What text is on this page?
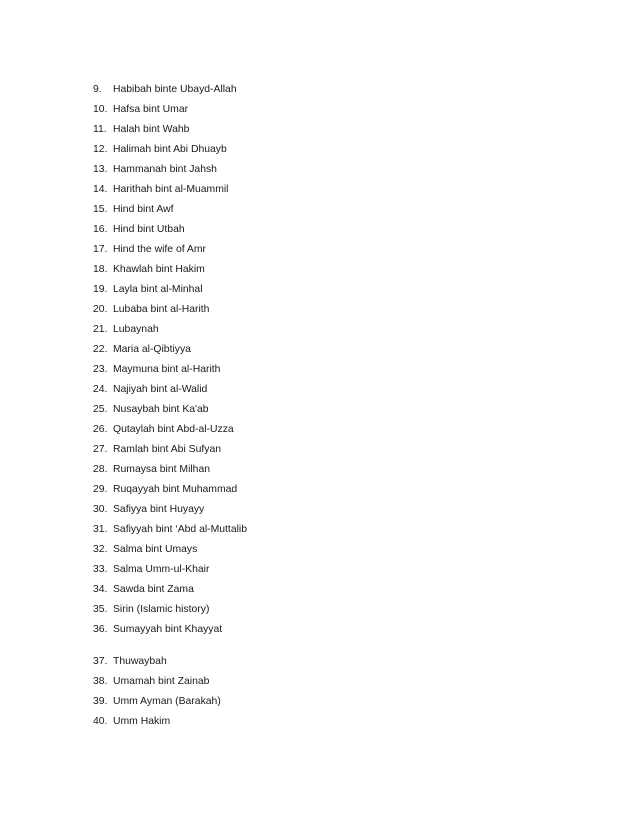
9.	Habibah binte Ubayd-Allah
10. Hafsa bint Umar
11. Halah bint Wahb
12. Halimah bint Abi Dhuayb
13. Hammanah bint Jahsh
14. Harithah bint al-Muammil
15. Hind bint Awf
16. Hind bint Utbah
17. Hind the wife of Amr
18. Khawlah bint Hakim
19. Layla bint al-Minhal
20. Lubaba bint al-Harith
21. Lubaynah
22. Maria al-Qibtiyya
23. Maymuna bint al-Harith
24. Najiyah bint al-Walid
25. Nusaybah bint Ka'ab
26. Qutaylah bint Abd-al-Uzza
27. Ramlah bint Abi Sufyan
28. Rumaysa bint Milhan
29. Ruqayyah bint Muhammad
30. Safiyya bint Huyayy
31. Safiyyah bint ‘Abd al-Muttalib
32. Salma bint Umays
33. Salma Umm-ul-Khair
34. Sawda bint Zama
35. Sirin (Islamic history)
36. Sumayyah bint Khayyat
37. Thuwaybah
38. Umamah bint Zainab
39. Umm Ayman (Barakah)
40. Umm Hakim
